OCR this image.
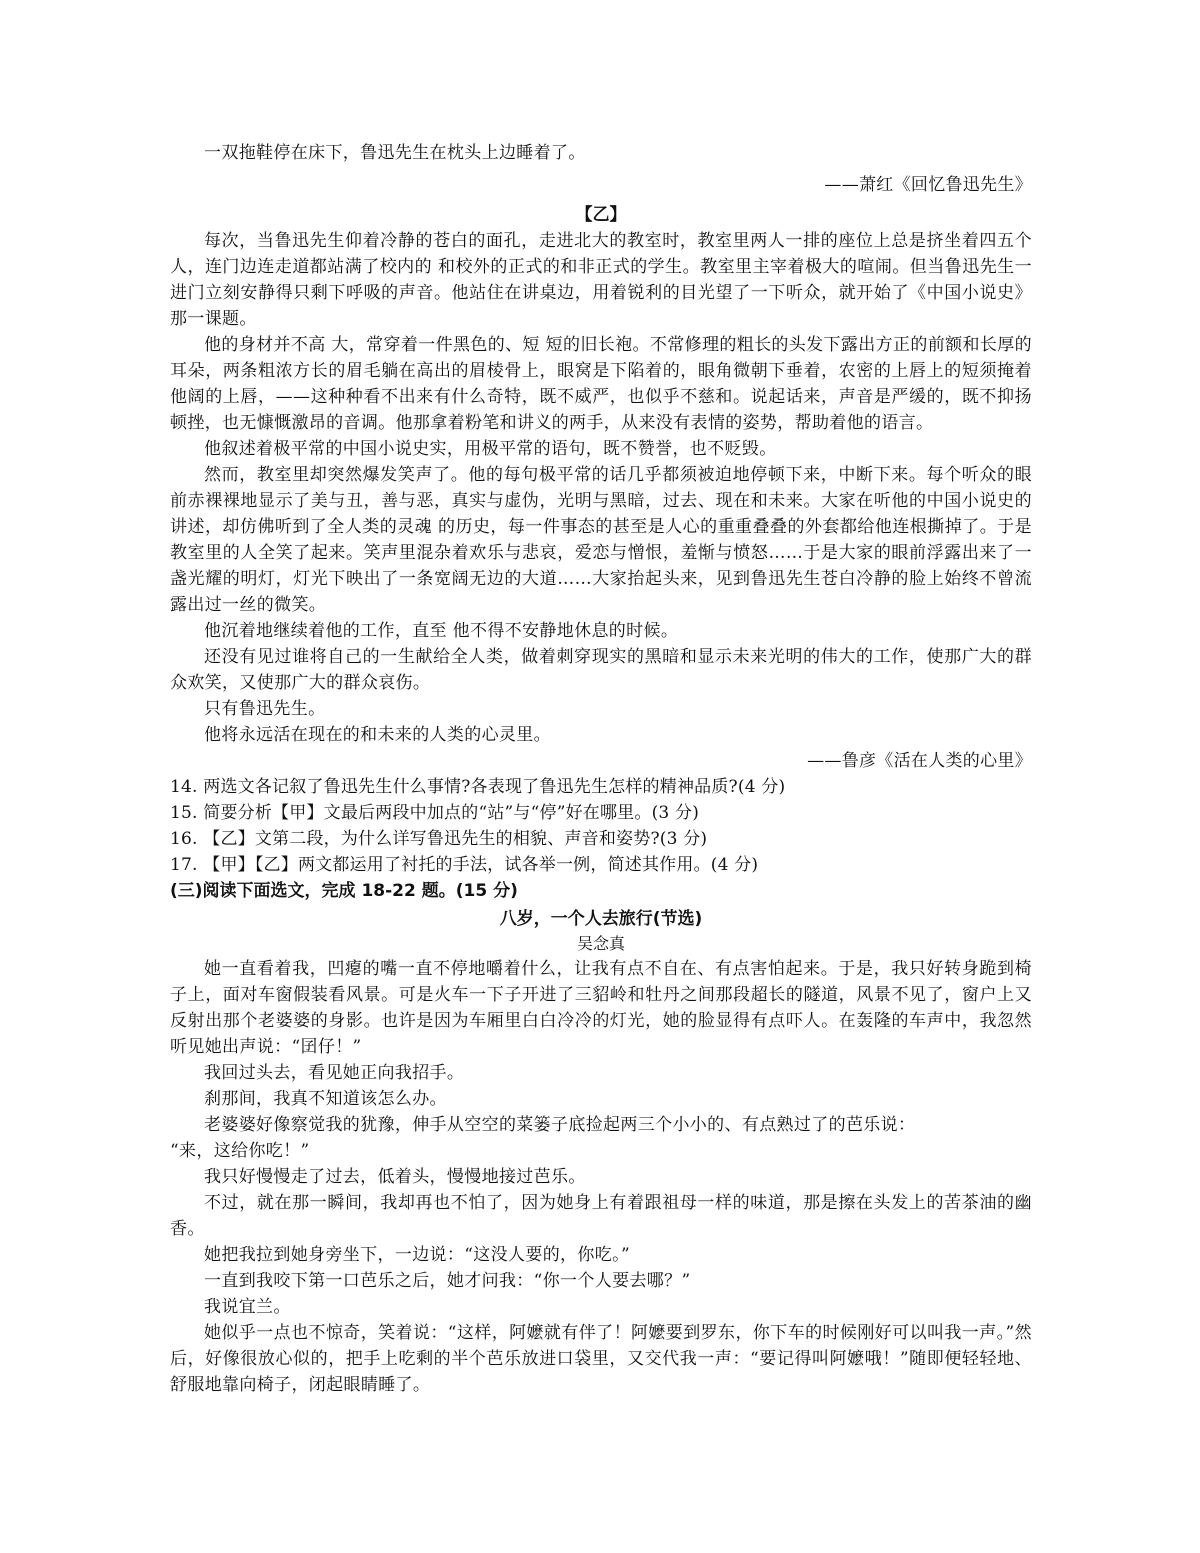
一双拖鞋停在床下，鲁迅先生在枕头上边睡着了。

——萧红《回忆鲁迅先生》

【乙】

每次，当鲁迅先生仰着冷静的苍白的面孔，走进北大的教室时，教室里两人一排的座位上总是挤坐着四五个人，连门边连走道都站满了校内的 和校外的正式的和非正式的学生。教室里主宰着极大的喧闹。但当鲁迅先生一进门立刻安静得只剩下呼吸的声音。他站住在讲桌边，用着锐利的目光望了一下听众，就开始了《中国小说史》那一课题。

他的身材并不高 大，常穿着一件黑色的、短 短的旧长袍。不常修理的粗长的头发下露出方正的前额和长厚的耳朵，两条粗浓方长的眉毛躺在高出的眉棱骨上，眼窝是下陷着的，眼角微朝下垂着，农密的上唇上的短须掩着他阔的上唇，——这种种看不出来有什么奇特，既不威严，也似乎不慈和。说起话来，声音是严缓的，既不抑扬顿挫，也无慷慨激昂的音调。他那拿着粉笔和讲义的两手，从来没有表情的姿势，帮助着他的语言。

他叙述着极平常的中国小说史实，用极平常的语句，既不赞誉，也不贬毁。

然而，教室里却突然爆发笑声了。他的每句极平常的话几乎都须被迫地停顿下来，中断下来。每个听众的眼前赤裸裸地显示了美与丑，善与恶，真实与虚伪，光明与黑暗，过去、现在和未来。大家在听他的中国小说史的讲述，却仿佛听到了全人类的灵魂 的历史，每一件事态的甚至是人心的重重叠叠的外套都给他连根撕掉了。于是教室里的人全笑了起来。笑声里混杂着欢乐与悲哀，爱恋与憎恨，羞惭与愤怒……于是大家的眼前浮露出来了一盏光耀的明灯，灯光下映出了一条宽阔无边的大道……大家抬起头来，见到鲁迅先生苍白冷静的脸上始终不曾流露出过一丝的微笑。

他沉着地继续着他的工作，直至 他不得不安静地休息的时候。

还没有见过谁将自己的一生献给全人类，做着刺穿现实的黑暗和显示未来光明的伟大的工作，使那广大的群众欢笑，又使那广大的群众哀伤。

只有鲁迅先生。

他将永远活在现在的和未来的人类的心灵里。

——鲁彦《活在人类的心里》

14. 两选文各记叙了鲁迅先生什么事情?各表现了鲁迅先生怎样的精神品质?(4 分)

15. 简要分析【甲】文最后两段中加点的“站”与“停”好在哪里。(3 分)

16. 【乙】文第二段，为什么详写鲁迅先生的相貌、声音和姿势?(3 分)

17. 【甲】【乙】两文都运用了衬托的手法，试各举一例，简述其作用。(4 分)

(三)阅读下面选文，完成 18-22 题。(15 分)

八岁，一个人去旅行(节选)

吴念真

她一直看着我，凹瘪的嘴一直不停地嚼着什么，让我有点不自在、有点害怕起来。于是，我只好转身跪到椅子上，面对车窗假装看风景。可是火车一下子开进了三貂岭和牡丹之间那段超长的隧道，风景不见了，窗户上又反射出那个老婆婆的身影。也许是因为车厢里白白冷冷的灯光，她的脸显得有点吓人。在轰隆的车声中，我忽然听见她出声说：“囝仔！”

我回过头去，看见她正向我招手。

刹那间，我真不知道该怎么办。

老婆婆好像察觉我的犹豫，伸手从空空的菜篓子底捡起两三个小小的、有点熟过了的芭乐说：

“来，这给你吃！”

我只好慢慢走了过去，低着头，慢慢地接过芭乐。

不过，就在那一瞬间，我却再也不怕了，因为她身上有着跟祖母一样的味道，那是擦在头发上的苦茶油的幽香。

她把我拉到她身旁坐下，一边说：“这没人要的，你吃。”

一直到我咬下第一口芭乐之后，她才问我：“你一个人要去哪？”

我说宜兰。

她似乎一点也不惊奇，笑着说：“这样，阿嬷就有伴了！阿嬷要到罗东，你下车的时候刚好可以叫我一声。”然后，好像很放心似的，把手上吃剩的半个芭乐放进口袋里，又交代我一声：“要记得叫阿嬷哦！”随即便轻轻地、舒服地靠向椅子，闭起眼睛睡了。
